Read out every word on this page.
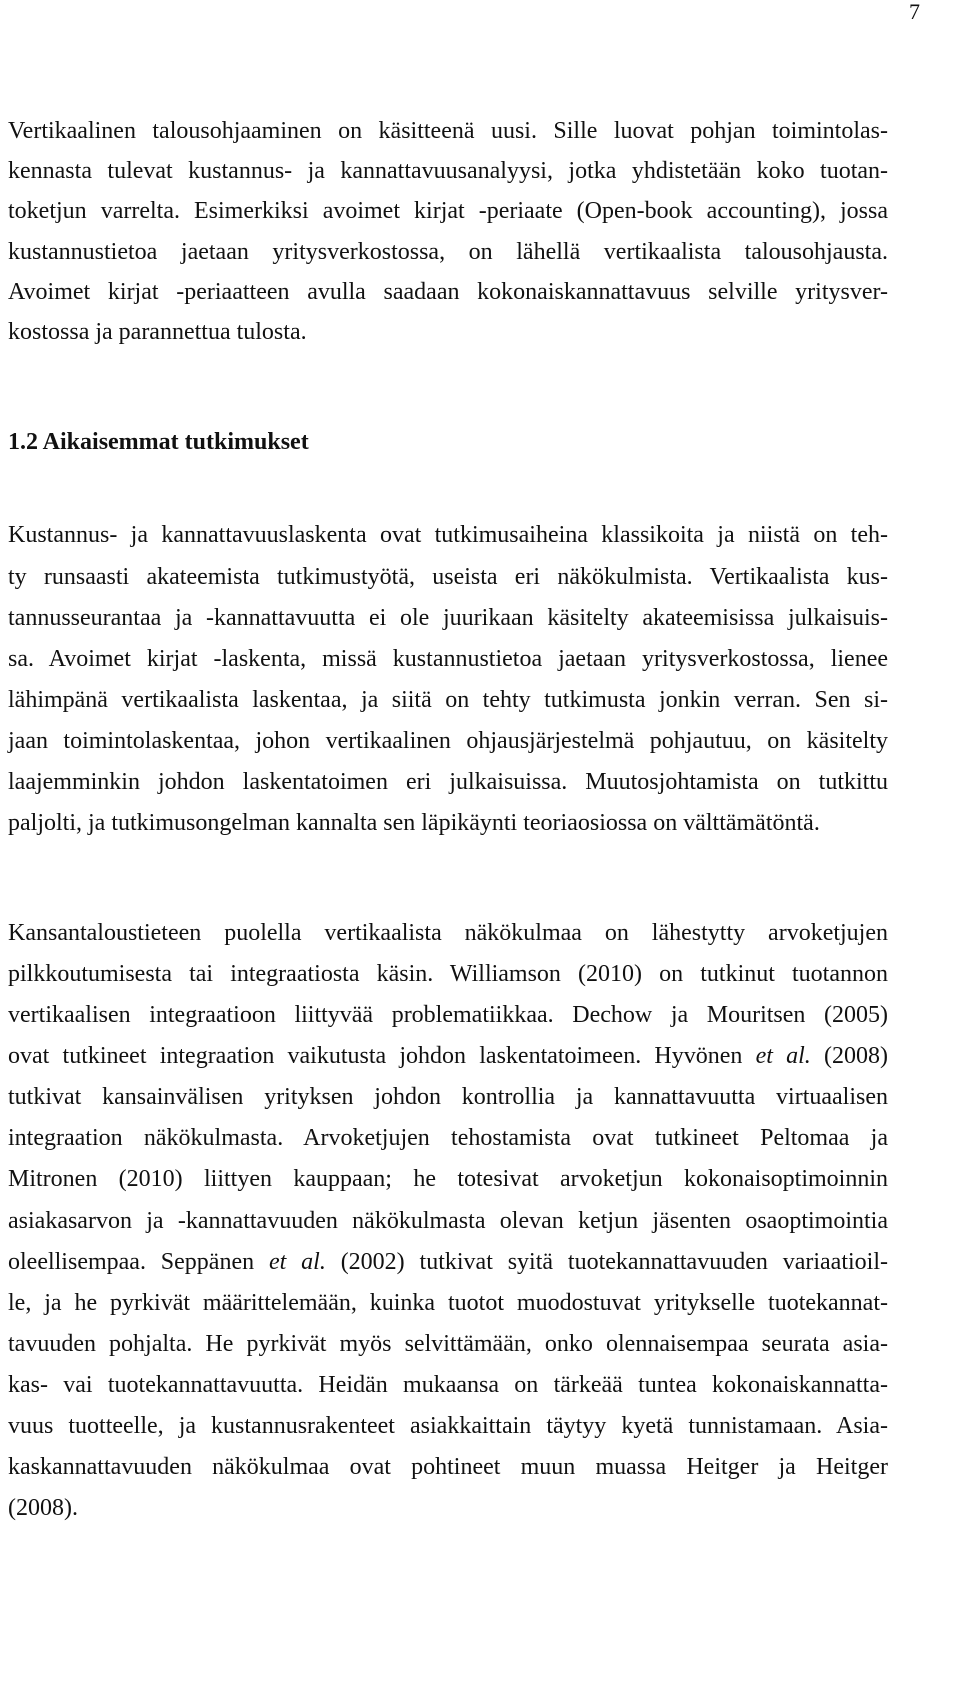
7
Vertikaalinen talousohjaaminen on käsitteenä uusi. Sille luovat pohjan toimintolas-
kennasta tulevat kustannus- ja kannattavuusanalyysi, jotka yhdistetään koko tuotan-
toketjun varrelta. Esimerkiksi avoimet kirjat -periaate (Open-book accounting), jossa
kustannustietoa jaetaan yritysverkostossa, on lähellä vertikaalista talousohjausta.
Avoimet kirjat -periaatteen avulla saadaan kokonaiskannattavuus selville yritysver-
kostossa ja parannettua tulosta.
1.2 Aikaisemmat tutkimukset
Kustannus- ja kannattavuuslaskenta ovat tutkimusaiheina klassikoita ja niistä on teh-
ty runsaasti akateemista tutkimustyötä, useista eri näkökulmista. Vertikaalista kus-
tannusseurantaa ja -kannattavuutta ei ole juurikaan käsitelty akateemisissa julkaisuis-
sa. Avoimet kirjat -laskenta, missä kustannustietoa jaetaan yritysverkostossa, lienee
lähimpänä vertikaalista laskentaa, ja siitä on tehty tutkimusta jonkin verran. Sen si-
jaan toimintolaskentaa, johon vertikaalinen ohjausjärjestelmä pohjautuu, on käsitelty
laajemminkin johdon laskentatoimen eri julkaisuissa. Muutosjohtamista on tutkittu
paljolti, ja tutkimusongelman kannalta sen läpikäynti teoriaosiossa on välttämätöntä.
Kansantaloustieteen puolella vertikaalista näkökulmaa on lähestytty arvoketjujen
pilkkoutumisesta tai integraatiosta käsin. Williamson (2010) on tutkinut tuotannon
vertikaalisen integraatioon liittyvää problematiikkaa. Dechow ja Mouritsen (2005)
ovat tutkineet integraation vaikutusta johdon laskentatoimeen. Hyvönen et al. (2008)
tutkivat kansainvälisen yrityksen johdon kontrollia ja kannattavuutta virtuaalisen
integraation näkökulmasta. Arvoketjujen tehostamista ovat tutkineet Peltomaa ja
Mitronen (2010) liittyen kauppaan; he totesivat arvoketjun kokonaisoptimoinnin
asiakasarvon ja -kannattavuuden näkökulmasta olevan ketjun jäsenten osaoptimointia
oleellisempaa. Seppänen et al. (2002) tutkivat syitä tuotekannattavuuden variaatioil-
le, ja he pyrkivät määrittelemään, kuinka tuotot muodostuvat yritykselle tuotekannat-
tavuuden pohjalta. He pyrkivät myös selvittämään, onko olennaisempaa seurata asia-
kas- vai tuotekannattavuutta. Heidän mukaansa on tärkeää tuntea kokonaiskannatta-
vuus tuotteelle, ja kustannusrakenteet asiakkaittain täytyy kyetä tunnistamaan. Asia-
kaskannattavuuden näkökulmaa ovat pohtineet muun muassa Heitger ja Heitger
(2008).
